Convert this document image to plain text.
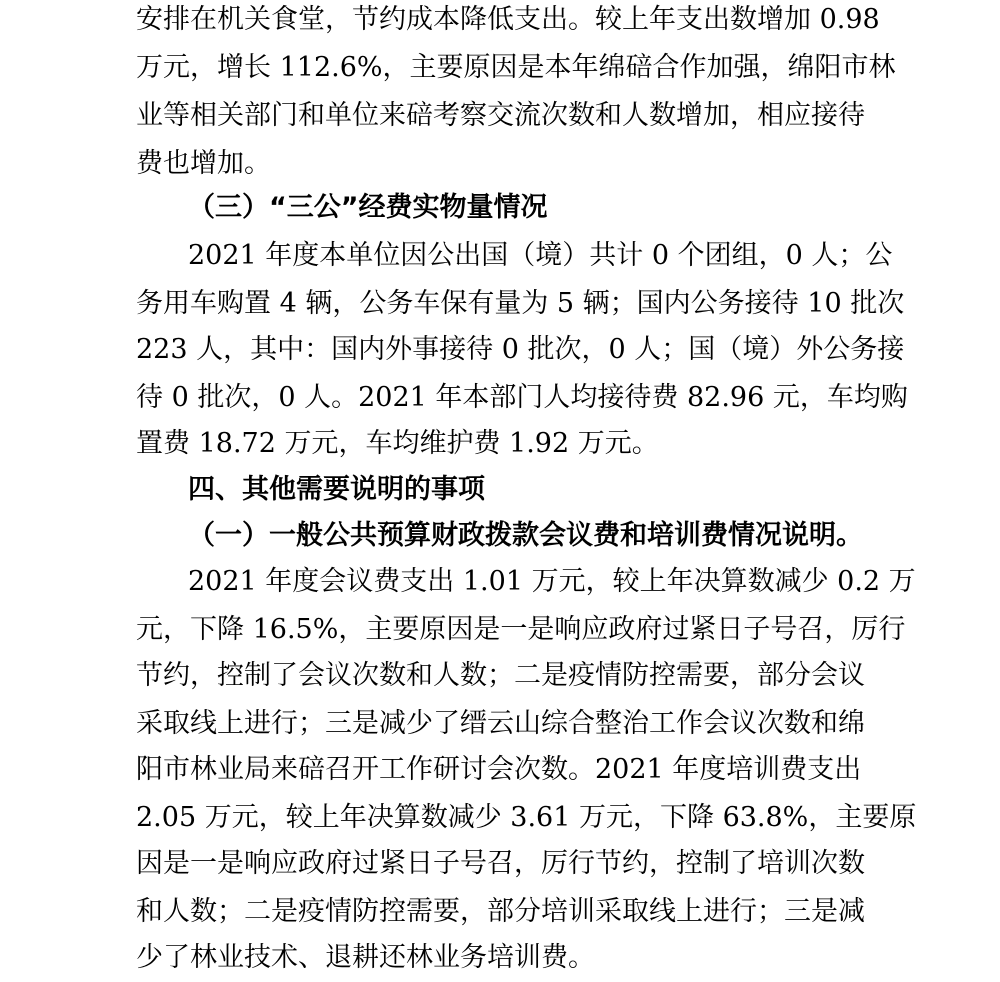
安排在机关食堂，节约成本降低支出。较上年支出数增加 0.98
万元，增长 112.6%，主要原因是本年绵碚合作加强，绵阳市林
业等相关部门和单位来碚考察交流次数和人数增加，相应接待
费也增加。
（三）“三公”经费实物量情况
2021 年度本单位因公出国（境）共计 0 个团组，0 人；公
务用车购置 4 辆，公务车保有量为 5 辆；国内公务接待 10 批次
223 人，其中：国内外事接待 0 批次，0 人；国（境）外公务接
待 0 批次，0 人。2021 年本部门人均接待费 82.96 元，车均购
置费 18.72 万元，车均维护费 1.92 万元。
四、其他需要说明的事项
（一）一般公共预算财政拨款会议费和培训费情况说明。
2021 年度会议费支出 1.01 万元，较上年决算数减少 0.2 万
元，下降 16.5%，主要原因是一是响应政府过紧日子号召，厉行
节约，控制了会议次数和人数；二是疫情防控需要，部分会议
采取线上进行；三是减少了缙云山综合整治工作会议次数和绵
阳市林业局来碚召开工作研讨会次数。2021 年度培训费支出
2.05 万元，较上年决算数减少 3.61 万元，下降 63.8%，主要原
因是一是响应政府过紧日子号召，厉行节约，控制了培训次数
和人数；二是疫情防控需要，部分培训采取线上进行；三是减
少了林业技术、退耕还林业务培训费。
